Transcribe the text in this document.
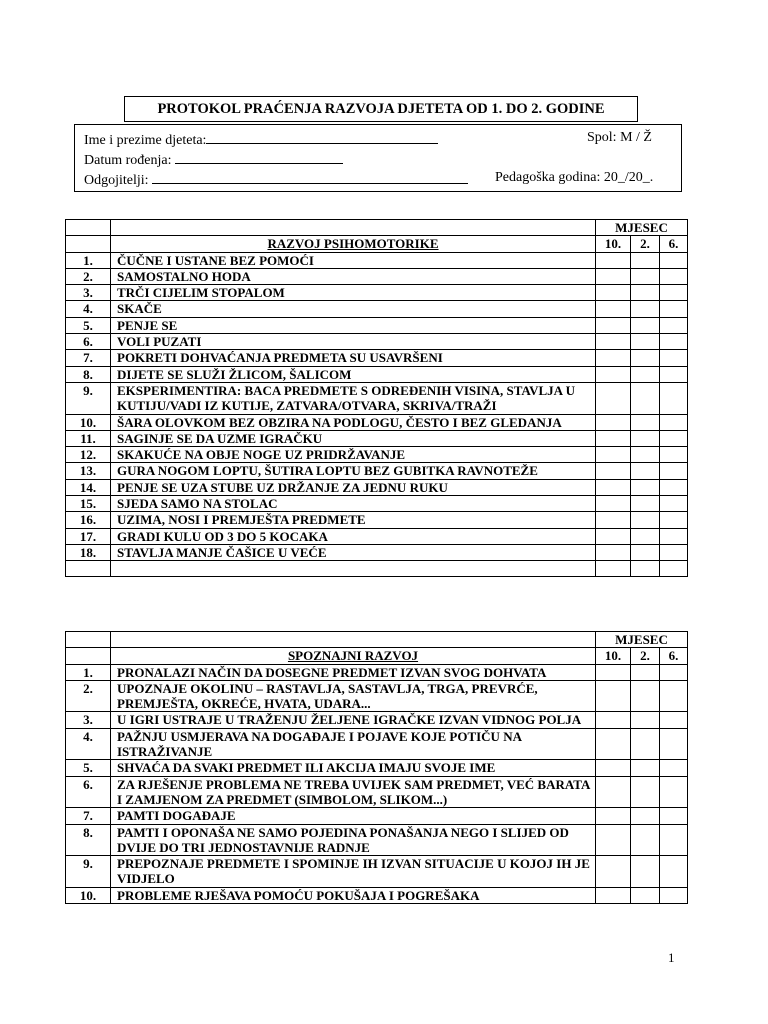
PROTOKOL PRAĆENJA RAZVOJA DJETETA OD 1. DO 2. GODINE
Ime i prezime djeteta:	Spol: M / Ž
Datum rođenja:
Odgojitelji:	Pedagoška godina: 20_/20_.
		MJESEC		
	RAZVOJ PSIHOMOTORIKE	10.	2.	6.
1.	ČUČNE I USTANE BEZ POMOĆI			
2.	SAMOSTALNO HODA			
3.	TRČI CIJELIM STOPALOM			
4.	SKAČE			
5.	PENJE SE			
6.	VOLI PUZATI			
7.	POKRETI DOHVAĆANJA PREDMETA SU USAVRŠENI			
8.	DIJETE SE SLUŽI ŽLICOM, ŠALICOM			
9.	EKSPERIMENTIRA: BACA PREDMETE S ODREĐENIH VISINA, STAVLJA U KUTIJU/VADI IZ KUTIJE, ZATVARA/OTVARA, SKRIVA/TRAŽI			
10.	ŠARA OLOVKOM BEZ OBZIRA NA PODLOGU, ČESTO I BEZ GLEDANJA			
11.	SAGINJE SE DA UZME IGRAČKU			
12.	SKAKUĆE NA OBJE NOGE UZ PRIDRŽAVANJE			
13.	GURA NOGOM LOPTU, ŠUTIRA LOPTU BEZ GUBITKA RAVNOTEŽE			
14.	PENJE SE UZA STUBE UZ DRŽANJE ZA JEDNU RUKU			
15.	SJEDA SAMO NA STOLAC			
16.	UZIMA, NOSI I PREMJEŠTA PREDMETE			
17.	GRADI KULU OD 3 DO 5 KOCAKA			
18.	STAVLJA MANJE ČAŠICE U VEĆE			

		MJESEC		
	SPOZNAJNI RAZVOJ	10.	2.	6.
1.	PRONALAZI NAČIN DA DOSEGNE PREDMET IZVAN SVOG DOHVATA			
2.	UPOZNAJE OKOLINU – RASTAVLJA, SASTAVLJA, TRGA, PREVRĆE, PREMJEŠTA, OKREĆE, HVATA, UDARA...			
3.	U IGRI USTRAJE U TRAŽENJU ŽELJENE IGRAČKE IZVAN VIDNOG POLJA			
4.	PAŽNJU USMJERAVA NA DOGAĐAJE I POJAVE KOJE POTIČU NA ISTRAŽIVANJE			
5.	SHVAĆA DA SVAKI PREDMET ILI AKCIJA IMAJU SVOJE IME			
6.	ZA RJEŠENJE PROBLEMA NE TREBA UVIJEK SAM PREDMET, VEĆ BARATA I ZAMJENOM ZA PREDMET (SIMBOLOM, SLIKOM...)			
7.	PAMTI DOGAĐAJE			
8.	PAMTI I OPONAŠA NE SAMO POJEDINA PONAŠANJA NEGO I SLIJED OD DVIJE DO TRI JEDNOSTAVNIJE RADNJE			
9.	PREPOZNAJE PREDMETE I SPOMINJE IH IZVAN SITUACIJE U KOJOJ IH JE VIDJELO			
10.	PROBLEME RJEŠAVA POMOĆU POKUŠAJA I POGREŠAKA			
1
